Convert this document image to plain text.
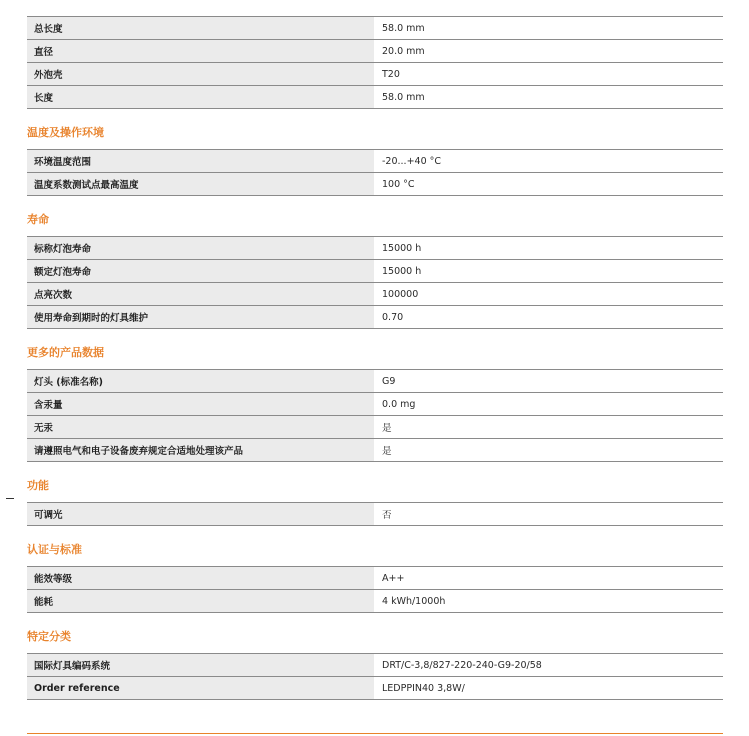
总长度	58.0 mm
直径	20.0 mm
外泡壳	T20
长度	58.0 mm
温度及操作环境
环境温度范围	-20...+40 °C
温度系数测试点最高温度	100 °C
寿命
标称灯泡寿命	15000 h
额定灯泡寿命	15000 h
点亮次数	100000
使用寿命到期时的灯具维护	0.70
更多的产品数据
灯头 (标准名称)	G9
含汞量	0.0 mg
无汞	是
请遵照电气和电子设备废弃规定合适地处理该产品	是
功能
可调光	否
认证与标准
能效等级	A++
能耗	4 kWh/1000h
特定分类
国际灯具编码系统	DRT/C-3,8/827-220-240-G9-20/58
Order reference	LEDPPIN40 3,8W/
